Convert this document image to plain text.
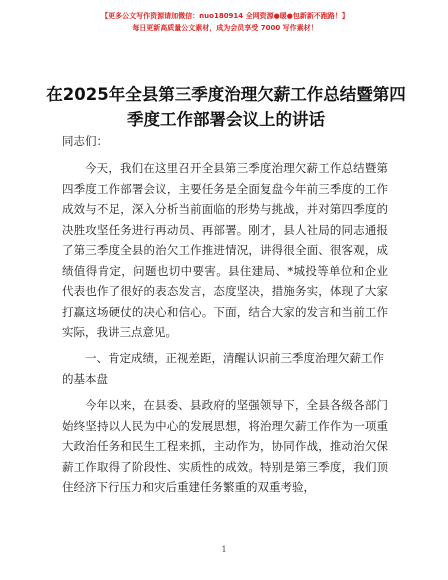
【更多公文写作资源请加微信：nuo180914 全网资源●暖●包新新不跑路！】
每日更新高质量公文素材，成为会员享受 7000 写作素材！
在2025年全县第三季度治理欠薪工作总结暨第四季度工作部署会议上的讲话
同志们：
今天，我们在这里召开全县第三季度治理欠薪工作总结暨第四季度工作部署会议，主要任务是全面复盘今年前三季度的工作成效与不足，深入分析当前面临的形势与挑战，并对第四季度的决胜攻坚任务进行再动员、再部署。刚才，县人社局的同志通报了第三季度全县的治欠工作推进情况，讲得很全面、很客观，成绩值得肯定，问题也切中要害。县住建局、*城投等单位和企业代表也作了很好的表态发言，态度坚决，措施务实，体现了大家打赢这场硬仗的决心和信心。下面，结合大家的发言和当前工作实际，我讲三点意见。
一、肯定成绩，正视差距，清醒认识前三季度治理欠薪工作的基本盘
今年以来，在县委、县政府的坚强领导下，全县各级各部门始终坚持以人民为中心的发展思想，将治理欠薪工作作为一项重大政治任务和民生工程来抓，主动作为，协同作战，推动治欠保薪工作取得了阶段性、实质性的成效。特别是第三季度，我们顶住经济下行压力和灾后重建任务繁重的双重考验，
1
